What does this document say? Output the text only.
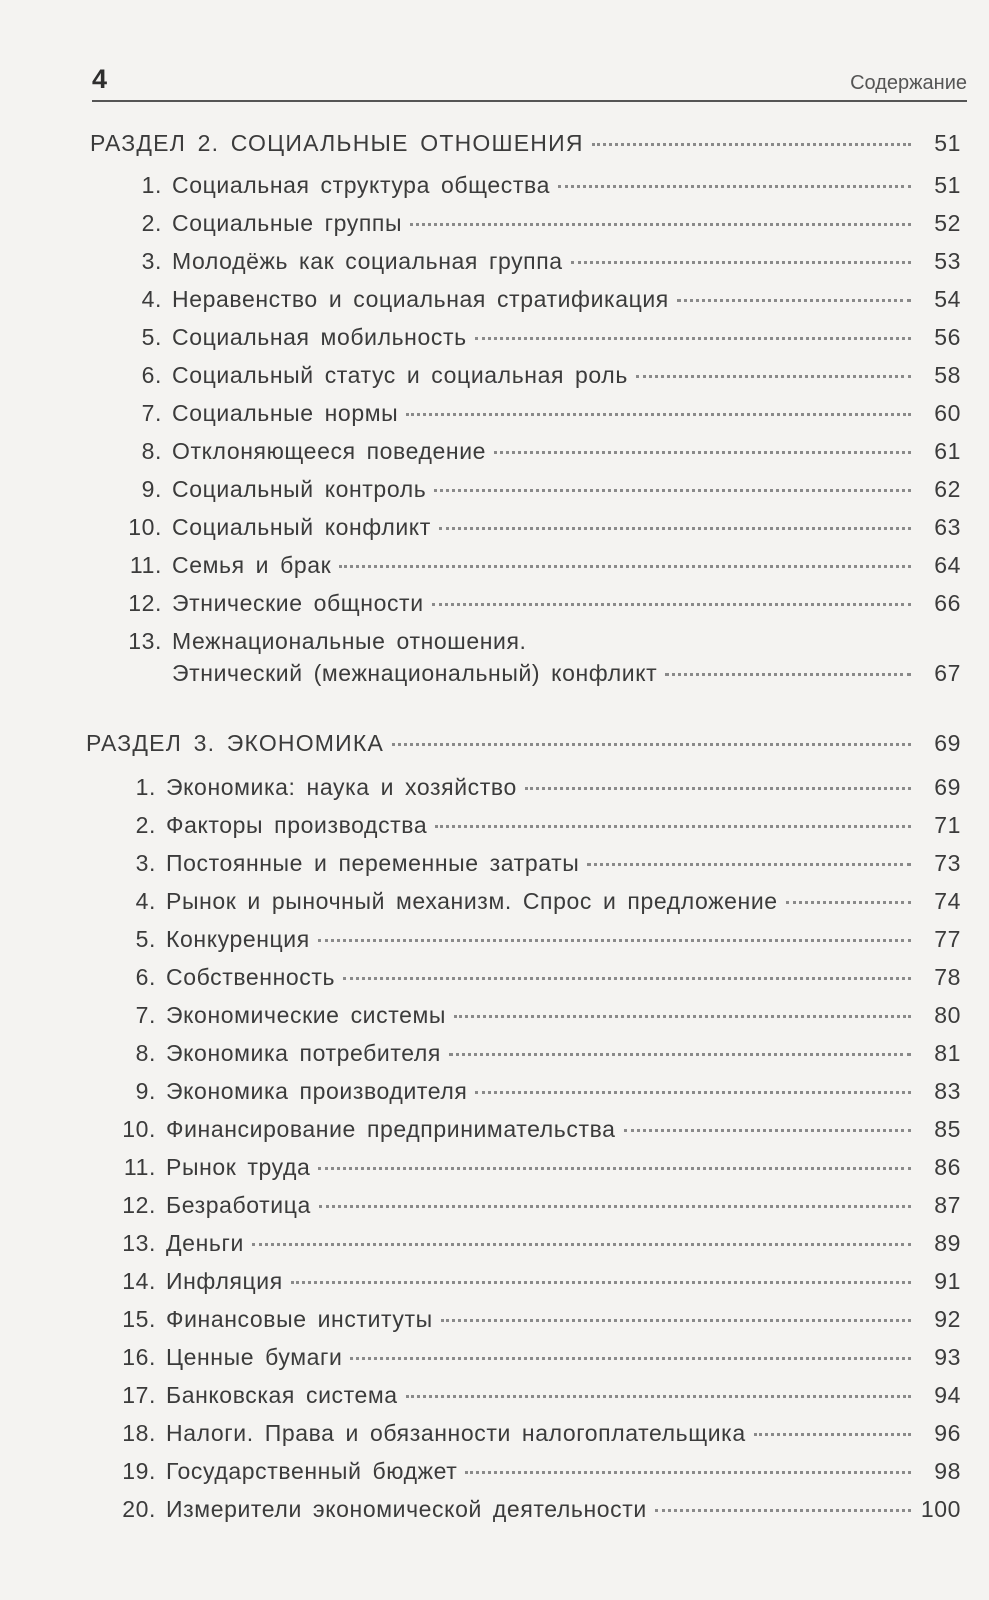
4	Содержание
РАЗДЕЛ 2. СОЦИАЛЬНЫЕ ОТНОШЕНИЯ	51
1. Социальная структура общества	51
2. Социальные группы	52
3. Молодёжь как социальная группа	53
4. Неравенство и социальная стратификация	54
5. Социальная мобильность	56
6. Социальный статус и социальная роль	58
7. Социальные нормы	60
8. Отклоняющееся поведение	61
9. Социальный контроль	62
10. Социальный конфликт	63
11. Семья и брак	64
12. Этнические общности	66
13. Межнациональные отношения.
Этнический (межнациональный) конфликт	67
РАЗДЕЛ 3. ЭКОНОМИКА	69
1. Экономика: наука и хозяйство	69
2. Факторы производства	71
3. Постоянные и переменные затраты	73
4. Рынок и рыночный механизм. Спрос и предложение	74
5. Конкуренция	77
6. Собственность	78
7. Экономические системы	80
8. Экономика потребителя	81
9. Экономика производителя	83
10. Финансирование предпринимательства	85
11. Рынок труда	86
12. Безработица	87
13. Деньги	89
14. Инфляция	91
15. Финансовые институты	92
16. Ценные бумаги	93
17. Банковская система	94
18. Налоги. Права и обязанности налогоплательщика	96
19. Государственный бюджет	98
20. Измерители экономической деятельности	100
